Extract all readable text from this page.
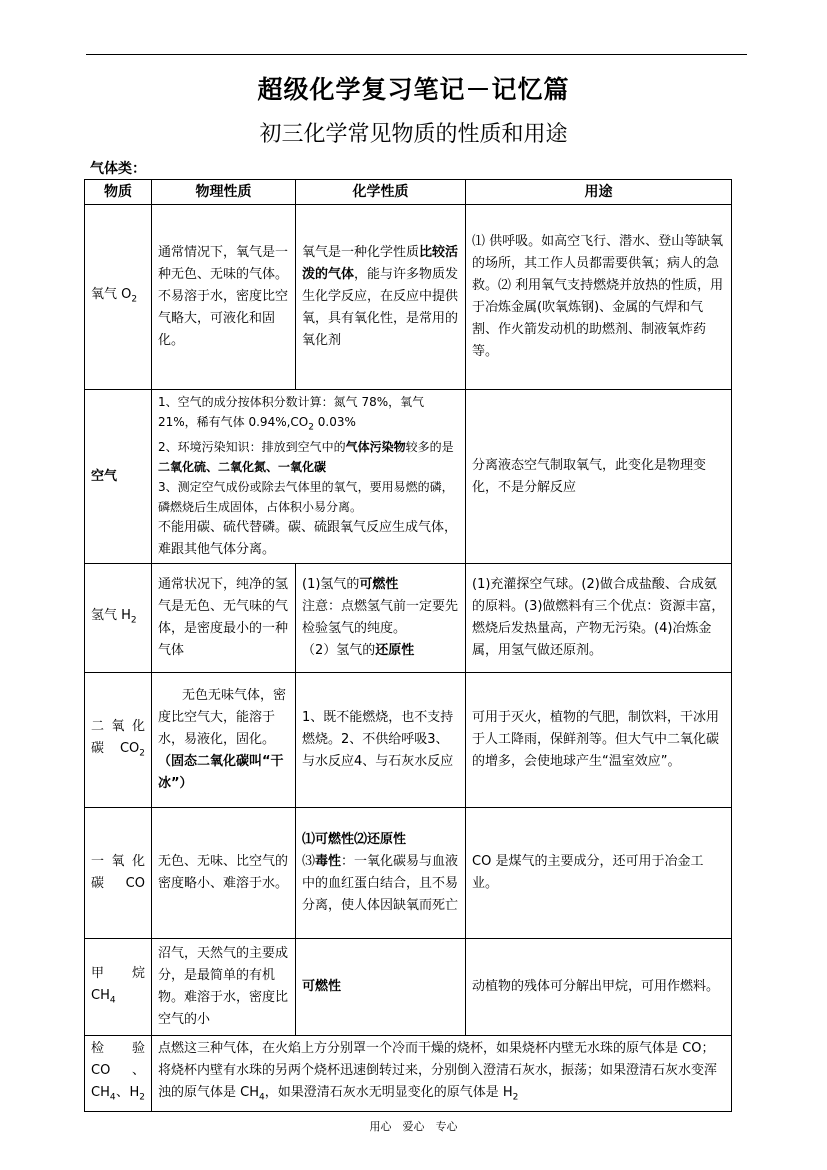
超级化学复习笔记－记忆篇
初三化学常见物质的性质和用途
气体类：
物质	物理性质	化学性质	用途
氧气 $O_2$	通常情况下，氧气是一种无色、无味的气体。不易溶于水，密度比空气略大，可液化和固化。	氧气是一种化学性质比较活泼的气体，能与许多物质发生化学反应，在反应中提供氧，具有氧化性，是常用的氧化剂	⑴ 供呼吸。如高空飞行、潜水、登山等缺氧的场所，其工作人员都需要供氧；病人的急救。⑵ 利用氧气支持燃烧并放热的性质，用于冶炼金属(吹氧炼钢)、金属的气焊和气割、作火箭发动机的助燃剂、制液氧炸药等。
空气	1、空气的成分按体积分数计算：氮气 78%，氧气 21%，稀有气体 $0.94\%,CO_2$ 0.03%
2、环境污染知识：排放到空气中的气体污染物较多的是二氧化硫、二氧化氮、一氧化碳
3、测定空气成份或除去气体里的氧气，要用易燃的磷，磷燃烧后生成固体，占体积小易分离。
不能用碳、硫代替磷。碳、硫跟氧气反应生成气体，难跟其他气体分离。		分离液态空气制取氧气，此变化是物理变化，不是分解反应
氢气 $H_2$	通常状况下，纯净的氢气是无色、无气味的气体，是密度最小的一种气体	(1)氢气的可燃性
注意：点燃氢气前一定要先检验氢气的纯度。
（2）氢气的还原性	(1)充灌探空气球。(2)做合成盐酸、合成氨的原料。(3)做燃料有三个优点：资源丰富，燃烧后发热量高，产物无污染。(4)冶炼金属，用氢气做还原剂。
二 氧 化碳 $CO_2$	无色无味气体，密度比空气大，能溶于水，易液化，固化。（固态二氧化碳叫“干冰”）	1、既不能燃烧，也不支持燃烧。2、不供给呼吸3、与水反应4、与石灰水反应	可用于灭火，植物的气肥，制饮料，干冰用于人工降雨，保鲜剂等。但大气中二氧化碳的增多，会使地球产生“温室效应”。
一 氧 化碳 CO	无色、无味、比空气的密度略小、难溶于水。	⑴可燃性⑵还原性
⑶毒性：一氧化碳易与血液中的血红蛋白结合，且不易分离，使人体因缺氧而死亡	CO 是煤气的主要成分，还可用于冶金工业。
甲　烷 $CH_4$	沼气，天然气的主要成分，是最简单的有机物。难溶于水，密度比空气的小	可燃性	动植物的残体可分解出甲烷，可用作燃料。
检　验 CO　、$CH_4$、$H_2$	点燃这三种气体，在火焰上方分别罩一个冷而干燥的烧杯，如果烧杯内壁无水珠的原气体是 CO；将烧杯内壁有水珠的另两个烧杯迅速倒转过来，分别倒入澄清石灰水，振荡；如果澄清石灰水变浑浊的原气体是 $CH_4$，如果澄清石灰水无明显变化的原气体是 $H_2$
用心　爱心　专心
